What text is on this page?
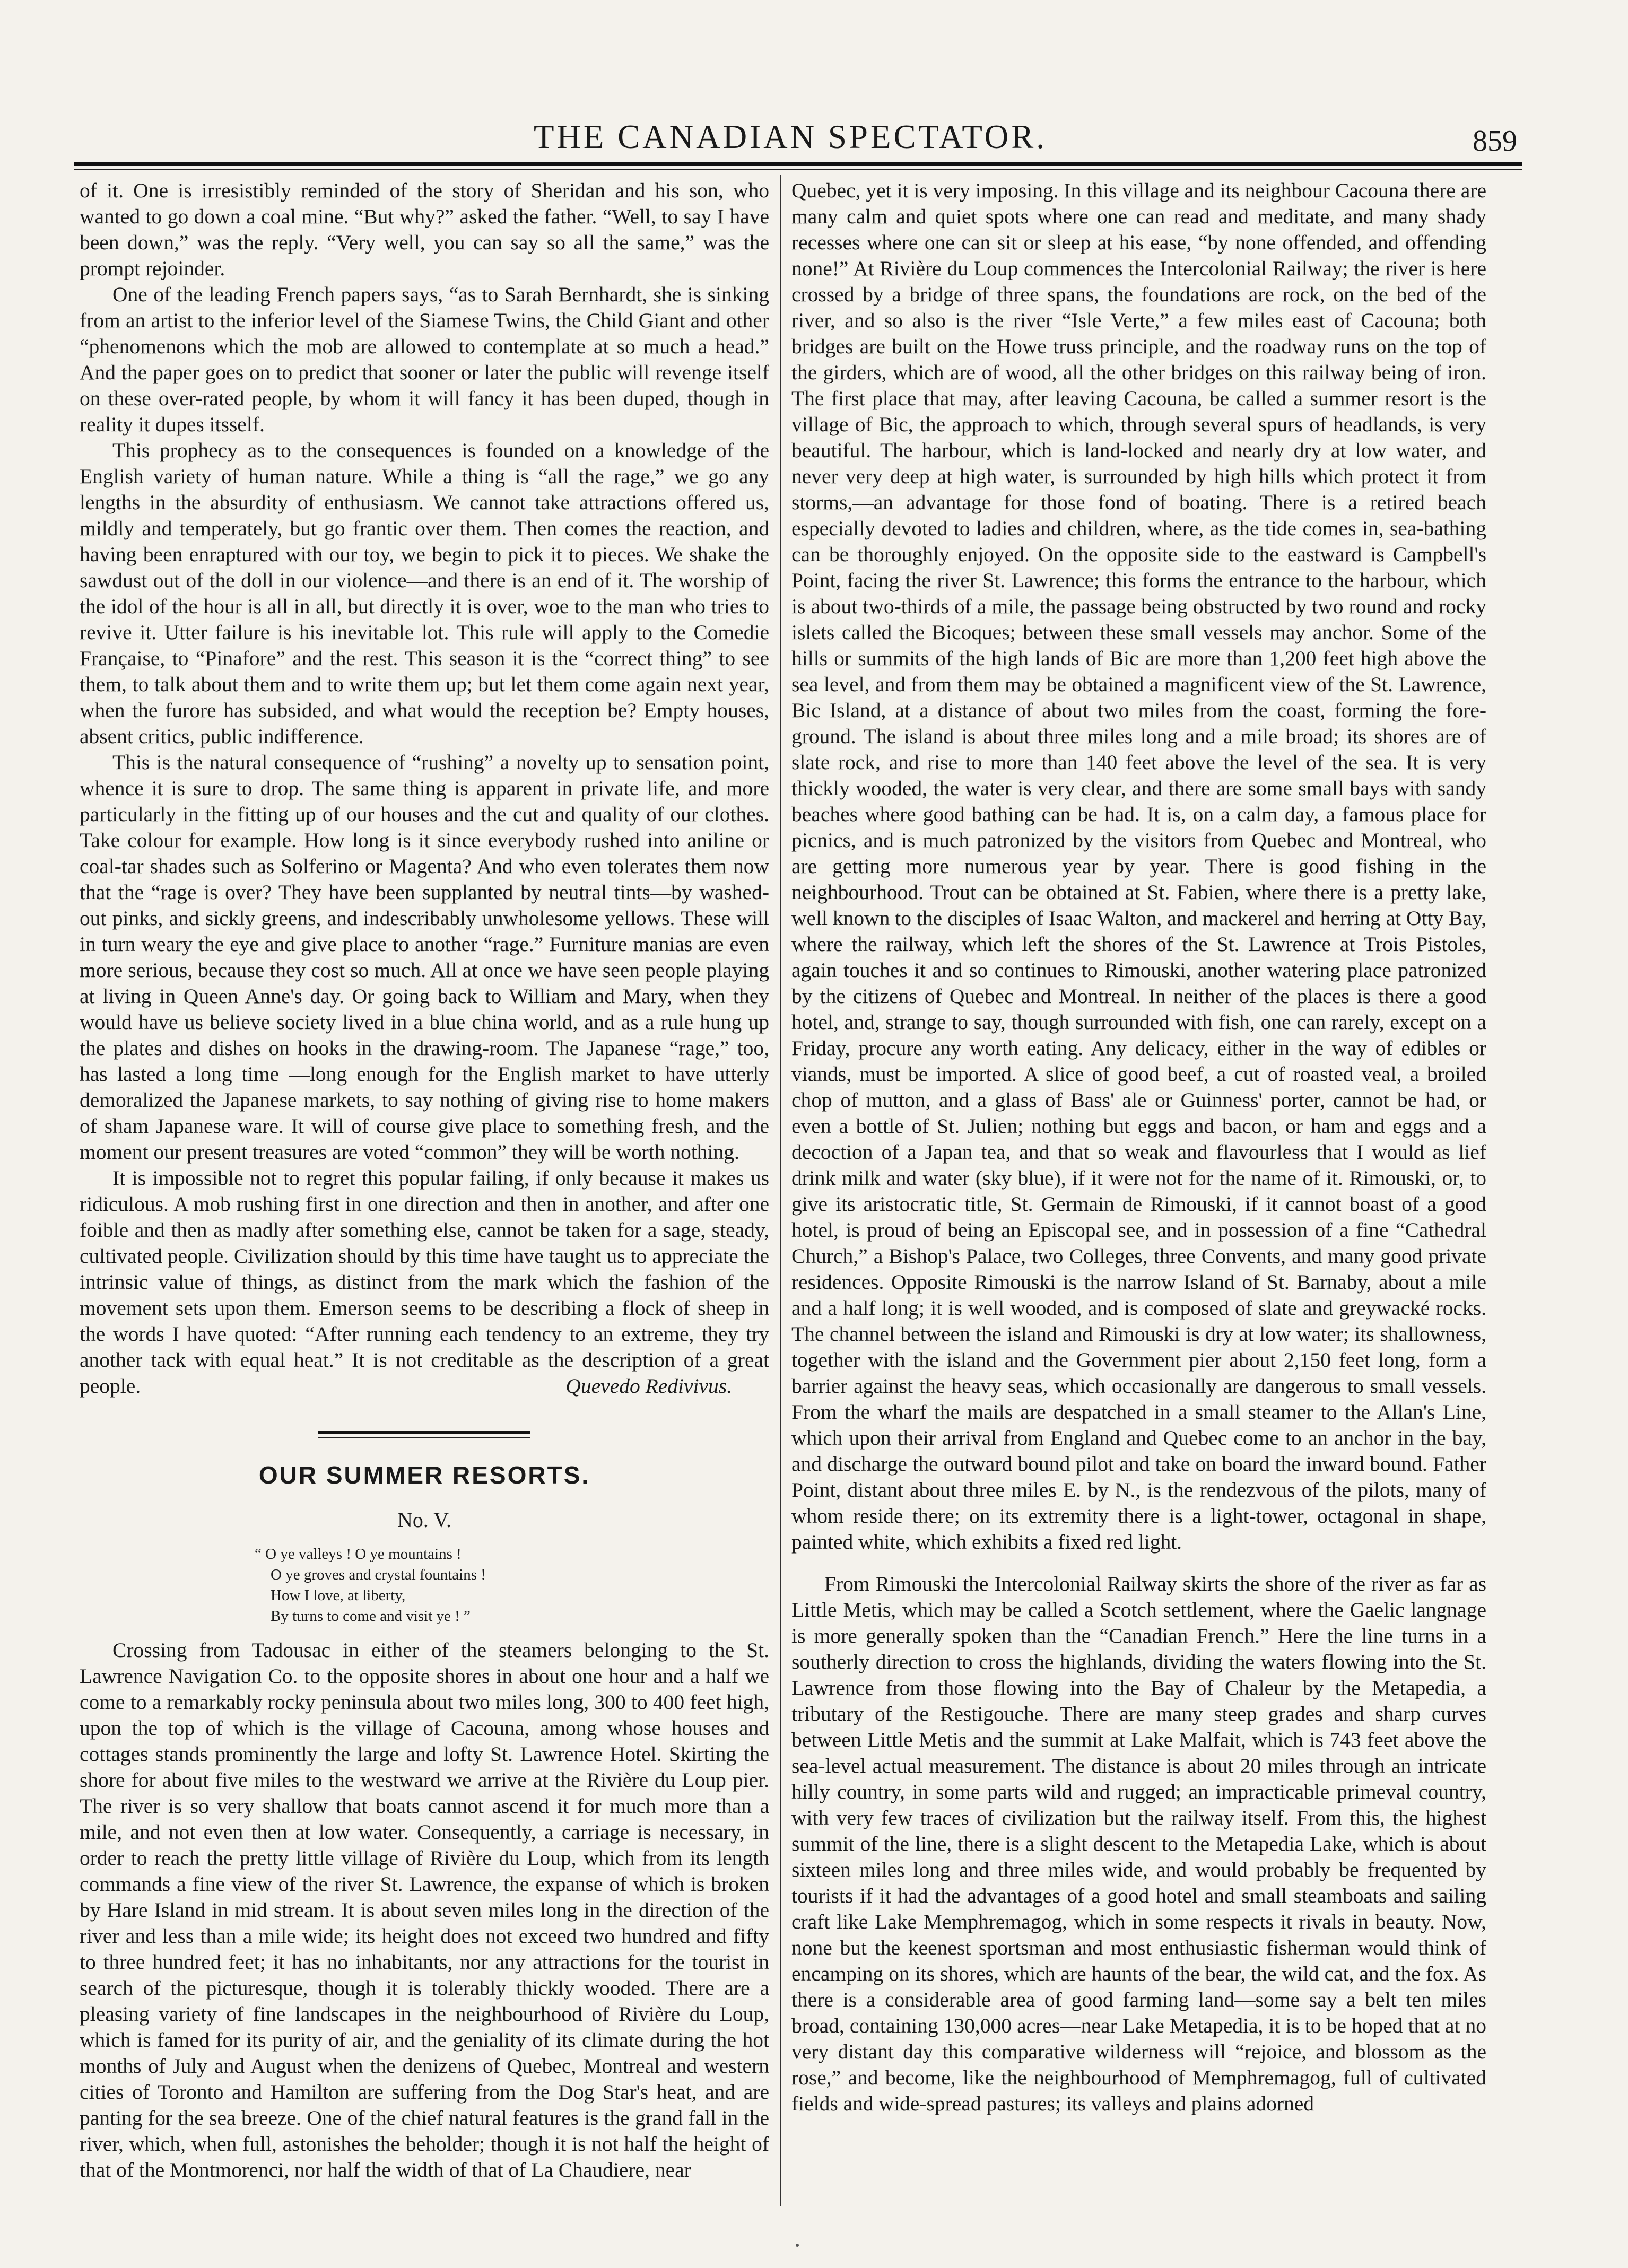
THE CANADIAN SPECTATOR.	859

of it. One is irresistibly reminded of the story of Sheridan and his son, who wanted to go down a coal mine. “But why?” asked the father. “Well, to say I have been down,” was the reply. “Very well, you can say so all the same,” was the prompt rejoinder.

One of the leading French papers says, “as to Sarah Bernhardt, she is sinking from an artist to the inferior level of the Siamese Twins, the Child Giant and other “phenomenons which the mob are allowed to contemplate at so much a head.” And the paper goes on to predict that sooner or later the public will revenge itself on these over-rated people, by whom it will fancy it has been duped, though in reality it dupes itsself.

This prophecy as to the consequences is founded on a knowledge of the English variety of human nature. While a thing is “all the rage,” we go any lengths in the absurdity of enthusiasm. We cannot take attractions offered us, mildly and temperately, but go frantic over them. Then comes the reaction, and having been enraptured with our toy, we begin to pick it to pieces. We shake the sawdust out of the doll in our violence—and there is an end of it. The worship of the idol of the hour is all in all, but directly it is over, woe to the man who tries to revive it. Utter failure is his inevitable lot. This rule will apply to the Comedie Française, to “Pinafore” and the rest. This season it is the “correct thing” to see them, to talk about them and to write them up; but let them come again next year, when the furore has subsided, and what would the reception be? Empty houses, absent critics, public indifference.

This is the natural consequence of “rushing” a novelty up to sensation point, whence it is sure to drop. The same thing is apparent in private life, and more particularly in the fitting up of our houses and the cut and quality of our clothes. Take colour for example. How long is it since everybody rushed into aniline or coal-tar shades such as Solferino or Magenta? And who even tolerates them now that the “rage is over? They have been supplanted by neutral tints—by washed-out pinks, and sickly greens, and indescribably unwholesome yellows. These will in turn weary the eye and give place to another “rage.” Furniture manias are even more serious, because they cost so much. All at once we have seen people playing at living in Queen Anne's day. Or going back to William and Mary, when they would have us believe society lived in a blue china world, and as a rule hung up the plates and dishes on hooks in the drawing-room. The Japanese “rage,” too, has lasted a long time —long enough for the English market to have utterly demoralized the Japanese markets, to say nothing of giving rise to home makers of sham Japanese ware. It will of course give place to something fresh, and the moment our present treasures are voted “common” they will be worth nothing.

It is impossible not to regret this popular failing, if only because it makes us ridiculous. A mob rushing first in one direction and then in another, and after one foible and then as madly after something else, cannot be taken for a sage, steady, cultivated people. Civilization should by this time have taught us to appreciate the intrinsic value of things, as distinct from the mark which the fashion of the movement sets upon them. Emerson seems to be describing a flock of sheep in the words I have quoted: “After running each tendency to an extreme, they try another tack with equal heat.” It is not creditable as the description of a great people.	Quevedo Redivivus.
OUR SUMMER RESORTS.
No. V.
“ O ye valleys ! O ye mountains !
O ye groves and crystal fountains !
How I love, at liberty,
By turns to come and visit ye ! ”

Crossing from Tadousac in either of the steamers belonging to the St. Lawrence Navigation Co. to the opposite shores in about one hour and a half we come to a remarkably rocky peninsula about two miles long, 300 to 400 feet high, upon the top of which is the village of Cacouna, among whose houses and cottages stands prominently the large and lofty St. Lawrence Hotel. Skirting the shore for about five miles to the westward we arrive at the Rivière du Loup pier. The river is so very shallow that boats cannot ascend it for much more than a mile, and not even then at low water. Consequently, a carriage is necessary, in order to reach the pretty little village of Rivière du Loup, which from its length commands a fine view of the river St. Lawrence, the expanse of which is broken by Hare Island in mid stream. It is about seven miles long in the direction of the river and less than a mile wide; its height does not exceed two hundred and fifty to three hundred feet; it has no inhabitants, nor any attractions for the tourist in search of the picturesque, though it is tolerably thickly wooded. There are a pleasing variety of fine landscapes in the neighbourhood of Rivière du Loup, which is famed for its purity of air, and the geniality of its climate during the hot months of July and August when the denizens of Quebec, Montreal and western cities of Toronto and Hamilton are suffering from the Dog Star's heat, and are panting for the sea breeze. One of the chief natural features is the grand fall in the river, which, when full, astonishes the beholder; though it is not half the height of that of the Montmorenci, nor half the width of that of La Chaudiere, near

Quebec, yet it is very imposing. In this village and its neighbour Cacouna there are many calm and quiet spots where one can read and meditate, and many shady recesses where one can sit or sleep at his ease, “by none offended, and offending none!” At Rivière du Loup commences the Intercolonial Railway; the river is here crossed by a bridge of three spans, the foundations are rock, on the bed of the river, and so also is the river “Isle Verte,” a few miles east of Cacouna; both bridges are built on the Howe truss principle, and the roadway runs on the top of the girders, which are of wood, all the other bridges on this railway being of iron. The first place that may, after leaving Cacouna, be called a summer resort is the village of Bic, the approach to which, through several spurs of headlands, is very beautiful. The harbour, which is land-locked and nearly dry at low water, and never very deep at high water, is surrounded by high hills which protect it from storms,—an advantage for those fond of boating. There is a retired beach especially devoted to ladies and children, where, as the tide comes in, sea-bathing can be thoroughly enjoyed. On the opposite side to the eastward is Campbell's Point, facing the river St. Lawrence; this forms the entrance to the harbour, which is about two-thirds of a mile, the passage being obstructed by two round and rocky islets called the Bicoques; between these small vessels may anchor. Some of the hills or summits of the high lands of Bic are more than 1,200 feet high above the sea level, and from them may be obtained a magnificent view of the St. Lawrence, Bic Island, at a distance of about two miles from the coast, forming the fore-ground. The island is about three miles long and a mile broad; its shores are of slate rock, and rise to more than 140 feet above the level of the sea. It is very thickly wooded, the water is very clear, and there are some small bays with sandy beaches where good bathing can be had. It is, on a calm day, a famous place for picnics, and is much patronized by the visitors from Quebec and Montreal, who are getting more numerous year by year. There is good fishing in the neighbourhood. Trout can be obtained at St. Fabien, where there is a pretty lake, well known to the disciples of Isaac Walton, and mackerel and herring at Otty Bay, where the railway, which left the shores of the St. Lawrence at Trois Pistoles, again touches it and so continues to Rimouski, another watering place patronized by the citizens of Quebec and Montreal. In neither of the places is there a good hotel, and, strange to say, though surrounded with fish, one can rarely, except on a Friday, procure any worth eating. Any delicacy, either in the way of edibles or viands, must be imported. A slice of good beef, a cut of roasted veal, a broiled chop of mutton, and a glass of Bass' ale or Guinness' porter, cannot be had, or even a bottle of St. Julien; nothing but eggs and bacon, or ham and eggs and a decoction of a Japan tea, and that so weak and flavourless that I would as lief drink milk and water (sky blue), if it were not for the name of it. Rimouski, or, to give its aristocratic title, St. Germain de Rimouski, if it cannot boast of a good hotel, is proud of being an Episcopal see, and in possession of a fine “Cathedral Church,” a Bishop's Palace, two Colleges, three Convents, and many good private residences. Opposite Rimouski is the narrow Island of St. Barnaby, about a mile and a half long; it is well wooded, and is composed of slate and greywacké rocks. The channel between the island and Rimouski is dry at low water; its shallowness, together with the island and the Government pier about 2,150 feet long, form a barrier against the heavy seas, which occasionally are dangerous to small vessels. From the wharf the mails are despatched in a small steamer to the Allan's Line, which upon their arrival from England and Quebec come to an anchor in the bay, and discharge the outward bound pilot and take on board the inward bound. Father Point, distant about three miles E. by N., is the rendezvous of the pilots, many of whom reside there; on its extremity there is a light-tower, octagonal in shape, painted white, which exhibits a fixed red light.

From Rimouski the Intercolonial Railway skirts the shore of the river as far as Little Metis, which may be called a Scotch settlement, where the Gaelic langnage is more generally spoken than the “Canadian French.” Here the line turns in a southerly direction to cross the highlands, dividing the waters flowing into the St. Lawrence from those flowing into the Bay of Chaleur by the Metapedia, a tributary of the Restigouche. There are many steep grades and sharp curves between Little Metis and the summit at Lake Malfait, which is 743 feet above the sea-level actual measurement. The distance is about 20 miles through an intricate hilly country, in some parts wild and rugged; an impracticable primeval country, with very few traces of civilization but the railway itself. From this, the highest summit of the line, there is a slight descent to the Metapedia Lake, which is about sixteen miles long and three miles wide, and would probably be frequented by tourists if it had the advantages of a good hotel and small steamboats and sailing craft like Lake Memphremagog, which in some respects it rivals in beauty. Now, none but the keenest sportsman and most enthusiastic fisherman would think of encamping on its shores, which are haunts of the bear, the wild cat, and the fox. As there is a considerable area of good farming land—some say a belt ten miles broad, containing 130,000 acres—near Lake Metapedia, it is to be hoped that at no very distant day this comparative wilderness will “rejoice, and blossom as the rose,” and become, like the neighbourhood of Memphremagog, full of cultivated fields and wide-spread pastures; its valleys and plains adorned
